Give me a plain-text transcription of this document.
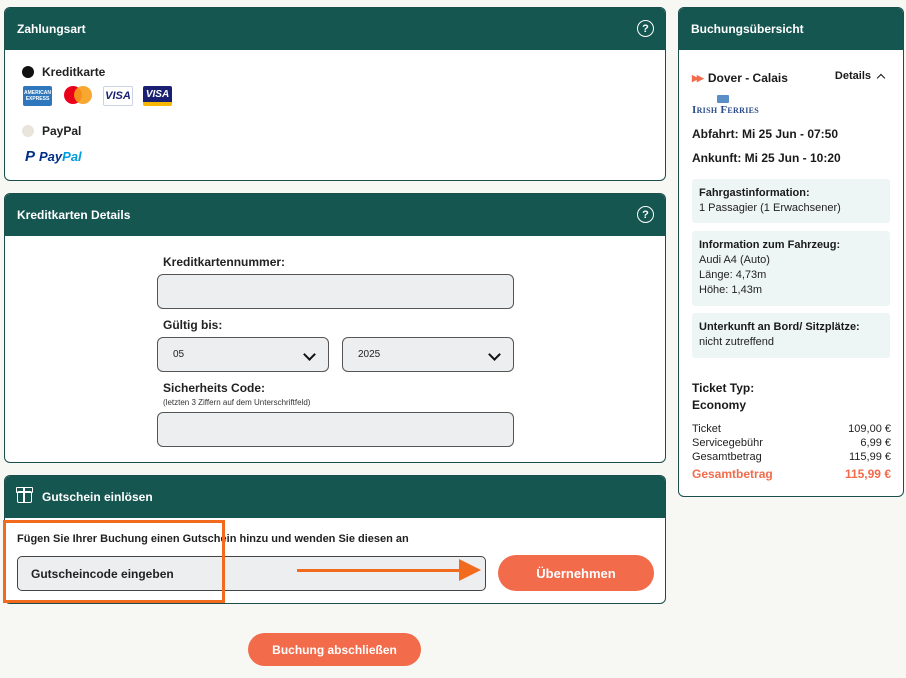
Zahlungsart	?
Kreditkarte
AMERICAN EXPRESS	VISA VISA
PayPal
P PayPal
Kreditkarten Details	?
Kreditkartennummer:
Gültig bis:
05	2025
Sicherheits Code:
(letzten 3 Ziffern auf dem Unterschriftfeld)
Gutschein einlösen
Fügen Sie Ihrer Buchung einen Gutschein hinzu und wenden Sie diesen an
Gutscheincode eingeben	Übernehmen
Buchung abschließen
Buchungsübersicht
▶▶ Dover - Calais	Details
Irish Ferries
Abfahrt: Mi 25 Jun - 07:50
Ankunft: Mi 25 Jun - 10:20
Fahrgastinformation:
1 Passagier (1 Erwachsener)
Information zum Fahrzeug:
Audi A4 (Auto)
Länge: 4,73m
Höhe: 1,43m
Unterkunft an Bord/ Sitzplätze:
nicht zutreffend
Ticket Typ:
Economy
Ticket	109,00 €
Servicegebühr	6,99 €
Gesamtbetrag	115,99 €
Gesamtbetrag	115,99 €
